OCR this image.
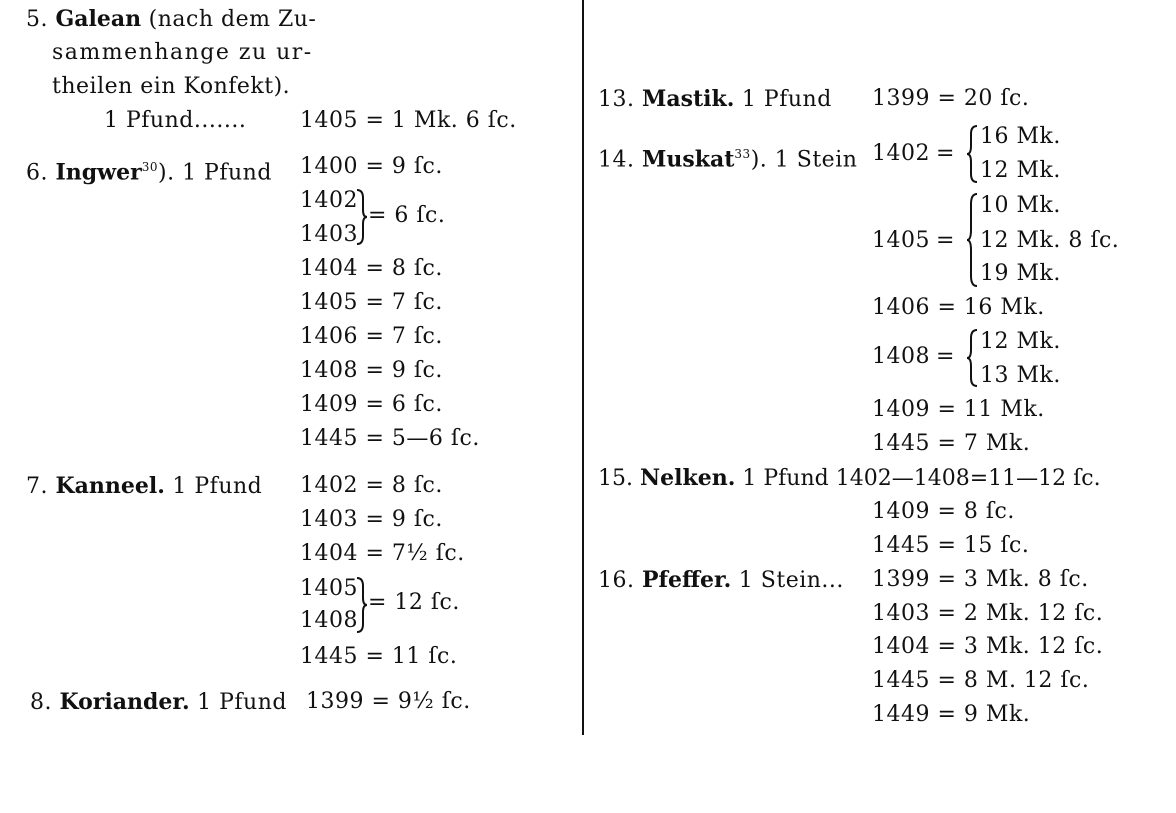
5. Galean (nach dem Zu-
sammenhange zu ur-
theilen ein Konfekt).
1 Pfund....... 1405 = 1 Mk. 6 ſc.
6. Ingwer$^{30}$). 1 Pfund 1400 = 9 ſc.
1402
1403
= 6 ſc.
1404 = 8 ſc.
1405 = 7 ſc.
1406 = 7 ſc.
1408 = 9 ſc.
1409 = 6 ſc.
1445 = 5—6 ſc.
7. Kanneel. 1 Pfund 1402 = 8 ſc.
1403 = 9 ſc.
1404 = 7½ ſc.
1405
1408
= 12 ſc.
1445 = 11 ſc.
8. Koriander. 1 Pfund 1399 = 9½ ſc.
13. Mastik. 1 Pfund 1399 = 20 ſc.
14. Muskat$^{33}$). 1 Stein 1402 =
16 Mk.
12 Mk.
1405 =
10 Mk.
12 Mk. 8 ſc.
19 Mk.
1406 = 16 Mk.
1408 =
12 Mk.
13 Mk.
1409 = 11 Mk.
1445 = 7 Mk.
15. Nelken. 1 Pfund 1402—1408=11—12 ſc.
1409 = 8 ſc.
1445 = 15 ſc.
16. Pfeffer. 1 Stein... 1399 = 3 Mk. 8 ſc.
1403 = 2 Mk. 12 ſc.
1404 = 3 Mk. 12 ſc.
1445 = 8 M. 12 ſc.
1449 = 9 Mk.
